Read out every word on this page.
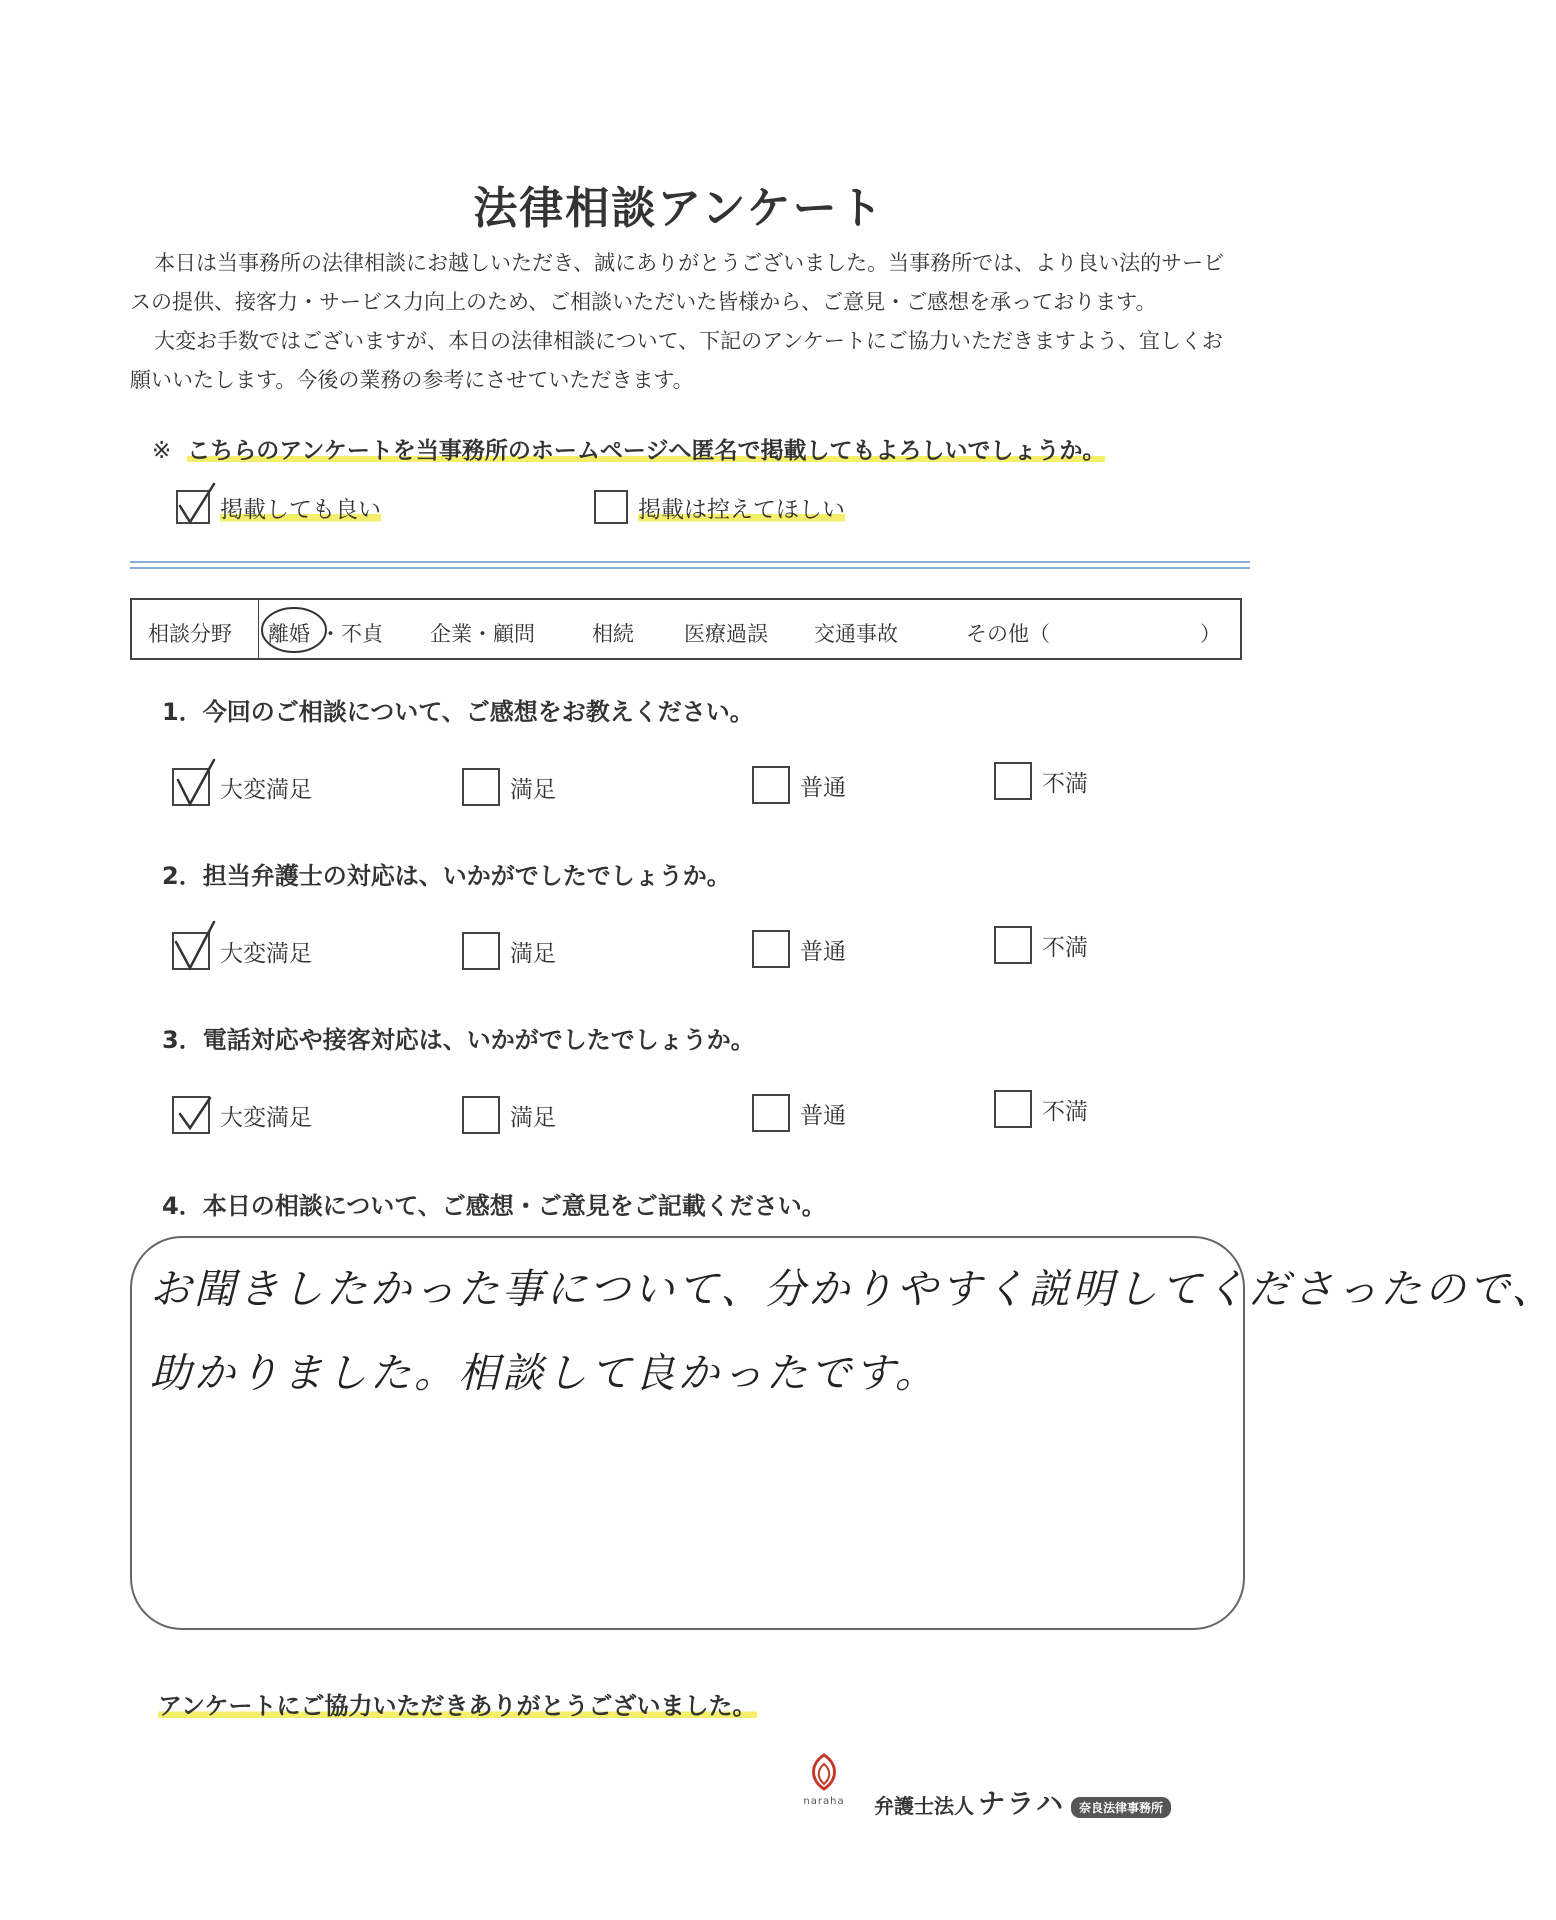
法律相談アンケート

本日は当事務所の法律相談にお越しいただき、誠にありがとうございました。当事務所では、より良い法的サービスの提供、接客力・サービス力向上のため、ご相談いただいた皆様から、ご意見・ご感想を承っております。

大変お手数ではございますが、本日の法律相談について、下記のアンケートにご協力いただきますよう、宜しくお願いいたします。今後の業務の参考にさせていただきます。

※ こちらのアンケートを当事務所のホームページへ匿名で掲載してもよろしいでしょうか。
掲載しても良い	掲載は控えてほしい
相談分野 離婚 ・不貞 企業・顧問	相続 医療過誤 交通事故	その他（	）
1．今回のご相談について、ご感想をお教えください。
大変満足	満足	普通	不満
2．担当弁護士の対応は、いかがでしたでしょうか。
大変満足	満足	普通	不満
3．電話対応や接客対応は、いかがでしたでしょうか。
大変満足	満足	普通	不満
4．本日の相談について、ご感想・ご意見をご記載ください。
お聞きしたかった事について、分かりやすく説明してくださったので、
助かりました。相談して良かったです。
アンケートにご協力いただきありがとうございました。
naraha	弁護士法人 ナラハ 奈良法律事務所
